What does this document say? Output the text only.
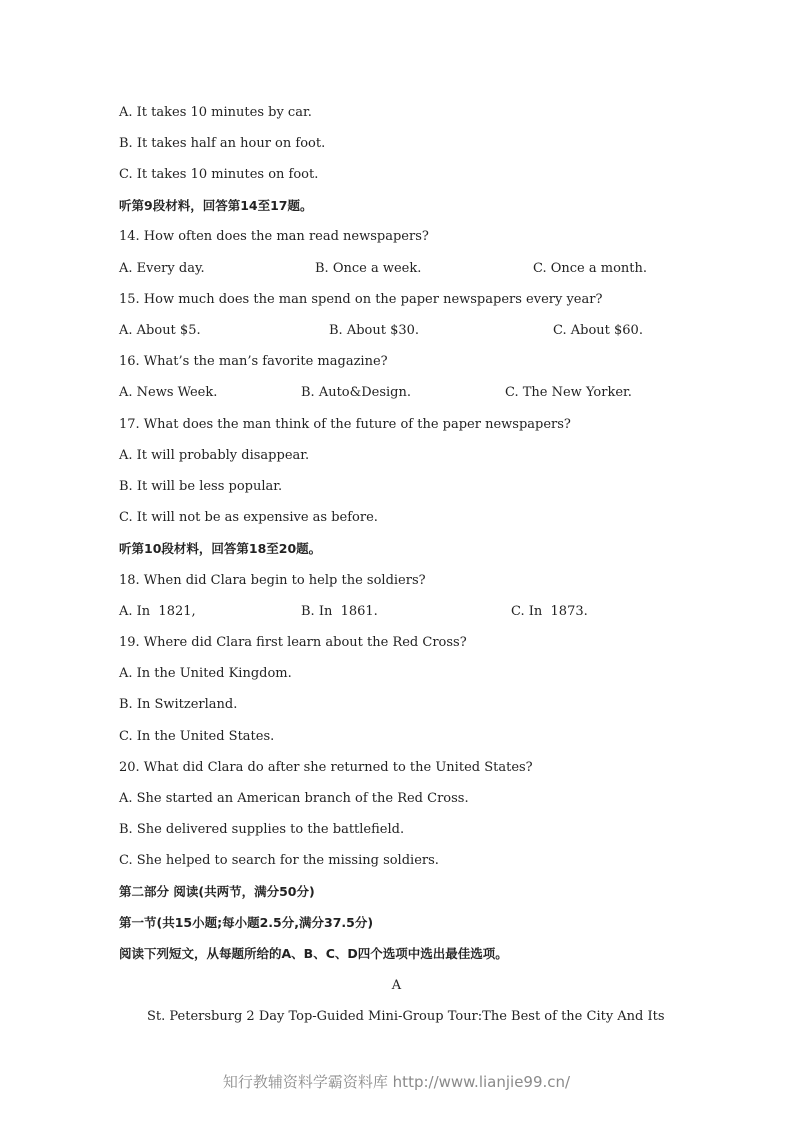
A. It takes 10 minutes by car.
B. It takes half an hour on foot.
C. It takes 10 minutes on foot.
听第9段材料，回答第14至17题。
14. How often does the man read newspapers?

A. Every day.

	B. Once a week.

	C. Once a month.

15. How much does the man spend on the paper newspapers every year?

A. About $5.

	B. About $30.

	C. About $60.

16. What’s the man’s favorite magazine?

A. News Week.

	B. Auto&Design.

	C. The New Yorker.

17. What does the man think of the future of the paper newspapers?
A. It will probably disappear.
B. It will be less popular.
C. It will not be as expensive as before.
听第10段材料，回答第18至20题。
18. When did Clara begin to help the soldiers?

A. In  1821,

	B. In  1861.

	C. In  1873.

19. Where did Clara first learn about the Red Cross?
A. In the United Kingdom.
B. In Switzerland.
C. In the United States.
20. What did Clara do after she returned to the United States?
A. She started an American branch of the Red Cross.
B. She delivered supplies to the battlefield.
C. She helped to search for the missing soldiers.
第二部分 阅读(共两节，满分50分)
第一节(共15小题;每小题2.5分,满分37.5分)
阅读下列短文，从每题所给的A、B、C、D四个选项中选出最佳选项。
A
St. Petersburg 2 Day Top-Guided Mini-Group Tour:The Best of the City And Its
知行教辅资料学霸资料库 http://www.lianjie99.cn/
